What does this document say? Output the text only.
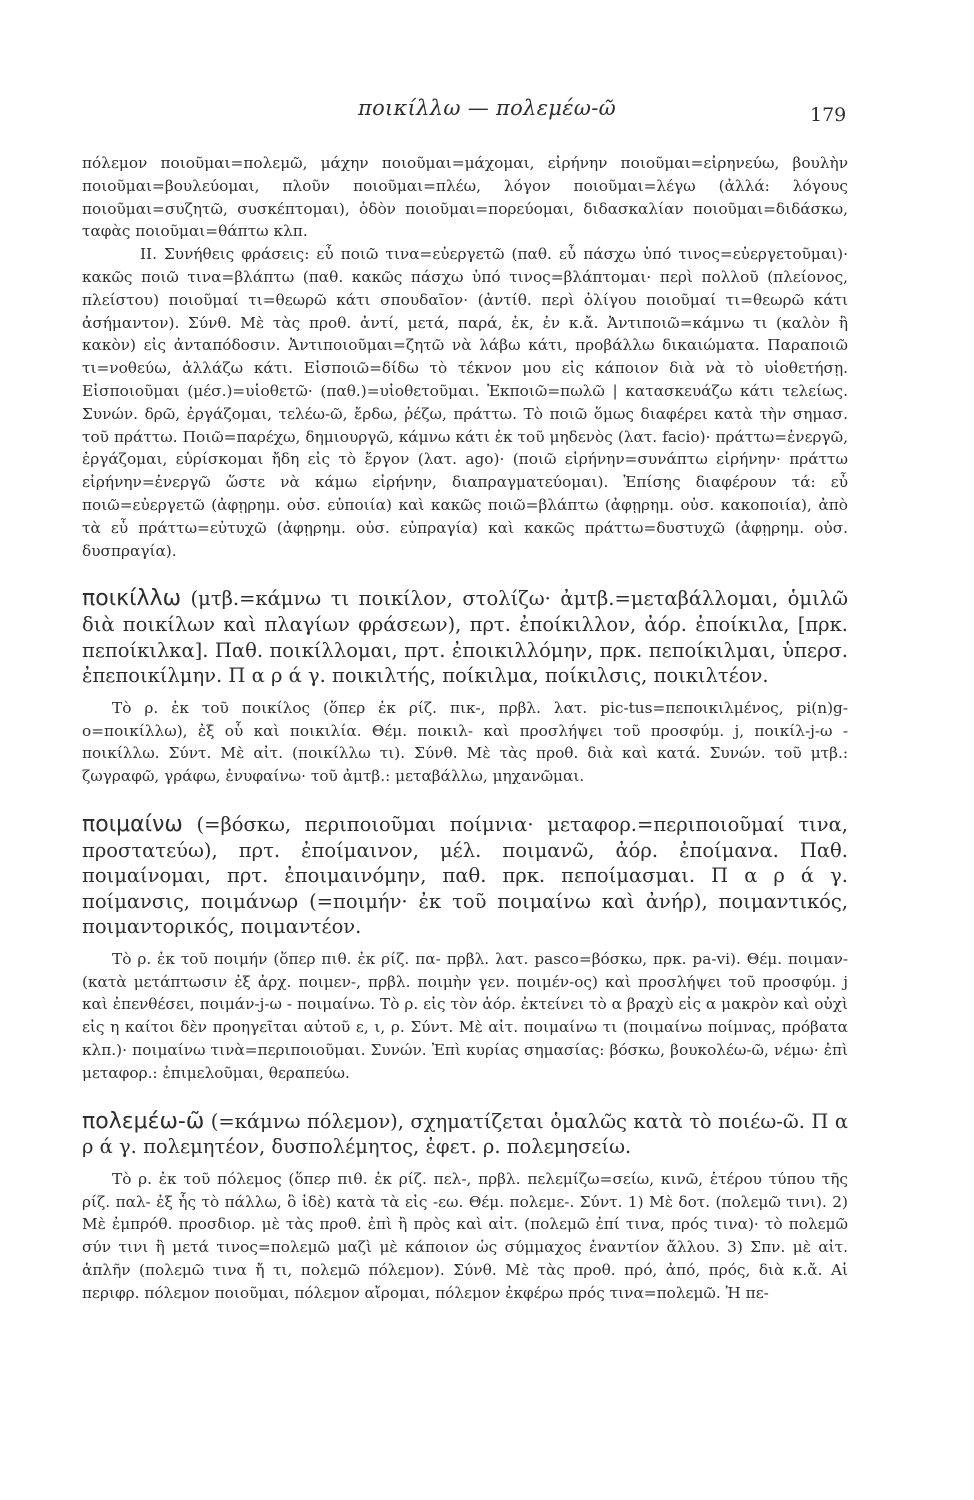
ποικίλλω — πολεμέω-ῶ	179

πόλεμον ποιοῦμαι=πολεμῶ, μάχην ποιοῦμαι=μάχομαι, εἰρήνην ποιοῦμαι=εἰρηνεύω, βουλὴν ποιοῦμαι=βουλεύομαι, πλοῦν ποιοῦμαι=πλέω, λόγον ποιοῦμαι=λέγω (ἀλλά: λόγους ποιοῦμαι=συζητῶ, συσκέπτομαι), ὁδὸν ποιοῦμαι=πορεύομαι, διδασκαλίαν ποιοῦμαι=διδάσκω, ταφὰς ποιοῦμαι=θάπτω κλπ.

II. Συνήθεις φράσεις: εὖ ποιῶ τινα=εὐεργετῶ (παθ. εὖ πάσχω ὑπό τινος=εὐεργετοῦμαι)· κακῶς ποιῶ τινα=βλάπτω (παθ. κακῶς πάσχω ὑπό τινος=βλάπτομαι· περὶ πολλοῦ (πλείονος, πλείστου) ποιοῦμαί τι=θεωρῶ κάτι σπουδαῖον· (ἀντίθ. περὶ ὀλίγου ποιοῦμαί τι=θεωρῶ κάτι ἀσήμαντον). Σύνθ. Μὲ τὰς προθ. ἀντί, μετά, παρά, ἐκ, ἐν κ.ἄ. Ἀντιποιῶ=κάμνω τι (καλὸν ἢ κακὸν) εἰς ἀνταπόδοσιν. Ἀντιποιοῦμαι=ζητῶ νὰ λάβω κάτι, προβάλλω δικαιώματα. Παραποιῶ τι=νοθεύω, ἀλλάζω κάτι. Εἰσποιῶ=δίδω τὸ τέκνον μου εἰς κάποιον διὰ νὰ τὸ υἱοθετήσῃ. Εἰσποιοῦμαι (μέσ.)=υἱοθετῶ· (παθ.)=υἱοθετοῦμαι. Ἐκποιῶ=πωλῶ | κατασκευάζω κάτι τελείως. Συνών. δρῶ, ἐργάζομαι, τελέω-ῶ, ἔρδω, ῥέζω, πράττω. Τὸ ποιῶ ὅμως διαφέρει κατὰ τὴν σημασ. τοῦ πράττω. Ποιῶ=παρέχω, δημιουργῶ, κάμνω κάτι ἐκ τοῦ μηδενὸς (λατ. facio)· πράττω=ἐνεργῶ, ἐργάζομαι, εὑρίσκομαι ἤδη εἰς τὸ ἔργον (λατ. ago)· (ποιῶ εἰρήνην=συνάπτω εἰρήνην· πράττω εἰρήνην=ἐνεργῶ ὥστε νὰ κάμω εἰρήνην, διαπραγματεύομαι). Ἐπίσης διαφέρουν τά: εὖ ποιῶ=εὐεργετῶ (ἀφῃρημ. οὐσ. εὐποιία) καὶ κακῶς ποιῶ=βλάπτω (ἀφῃρημ. οὐσ. κακοποιία), ἀπὸ τὰ εὖ πράττω=εὐτυχῶ (ἀφῃρημ. οὐσ. εὐπραγία) καὶ κακῶς πράττω=δυστυχῶ (ἀφῃρημ. οὐσ. δυσπραγία).

ποικίλλω (μτβ.=κάμνω τι ποικίλον, στολίζω· ἀμτβ.=μεταβάλλομαι, ὁμιλῶ διὰ ποικίλων καὶ πλαγίων φράσεων), πρτ. ἐποίκιλλον, ἀόρ. ἐποίκιλα, [πρκ. πεποίκιλκα]. Παθ. ποικίλλομαι, πρτ. ἐποικιλλόμην, πρκ. πεποίκιλμαι, ὑπερσ. ἐπεποικίλμην. Π α ρ ά γ. ποικιλτής, ποίκιλμα, ποίκιλσις, ποικιλτέον.

Τὸ ρ. ἐκ τοῦ ποικίλος (ὅπερ ἐκ ρίζ. πικ-, πρβλ. λατ. pic-tus=πεποικιλμένος, pi(n)g-o=ποικίλλω), ἐξ οὗ καὶ ποικιλία. Θέμ. ποικιλ- καὶ προσλήψει τοῦ προσφύμ. j, ποικίλ-j-ω - ποικίλλω. Σύντ. Μὲ αἰτ. (ποικίλλω τι). Σύνθ. Μὲ τὰς προθ. διὰ καὶ κατά. Συνών. τοῦ μτβ.: ζωγραφῶ, γράφω, ἐνυφαίνω· τοῦ ἀμτβ.: μεταβάλλω, μηχανῶμαι.

ποιμαίνω (=βόσκω, περιποιοῦμαι ποίμνια· μεταφορ.=περιποιοῦμαί τινα, προστατεύω), πρτ. ἐποίμαινον, μέλ. ποιμανῶ, ἀόρ. ἐποίμανα. Παθ. ποιμαίνομαι, πρτ. ἐποιμαινόμην, παθ. πρκ. πεποίμασμαι. Π α ρ ά γ. ποίμανσις, ποιμάνωρ (=ποιμήν· ἐκ τοῦ ποιμαίνω καὶ ἀνήρ), ποιμαντικός, ποιμαντορικός, ποιμαντέον.

Τὸ ρ. ἐκ τοῦ ποιμήν (ὅπερ πιθ. ἐκ ρίζ. πα- πρβλ. λατ. pasco=βόσκω, πρκ. pa-vi). Θέμ. ποιμαν- (κατὰ μετάπτωσιν ἐξ ἀρχ. ποιμεν-, πρβλ. ποιμὴν γεν. ποιμέν-ος) καὶ προσλήψει τοῦ προσφύμ. j καὶ ἐπενθέσει, ποιμάν-j-ω - ποιμαίνω. Τὸ ρ. εἰς τὸν ἀόρ. ἐκτείνει τὸ α βραχὺ εἰς α μακρὸν καὶ οὐχὶ εἰς η καίτοι δὲν προηγεῖται αὐτοῦ ε, ι, ρ. Σύντ. Μὲ αἰτ. ποιμαίνω τι (ποιμαίνω ποίμνας, πρόβατα κλπ.)· ποιμαίνω τινὰ=περιποιοῦμαι. Συνών. Ἐπὶ κυρίας σημασίας: βόσκω, βουκολέω-ῶ, νέμω· ἐπὶ μεταφορ.: ἐπιμελοῦμαι, θεραπεύω.

πολεμέω-ῶ (=κάμνω πόλεμον), σχηματίζεται ὁμαλῶς κατὰ τὸ ποιέω-ῶ. Π α ρ ά γ. πολεμητέον, δυσπολέμητος, ἐφετ. ρ. πολεμησείω.

Τὸ ρ. ἐκ τοῦ πόλεμος (ὅπερ πιθ. ἐκ ρίζ. πελ-, πρβλ. πελεμίζω=σείω, κινῶ, ἑτέρου τύπου τῆς ρίζ. παλ- ἐξ ἧς τὸ πάλλω, ὃ ἰδὲ) κατὰ τὰ εἰς -εω. Θέμ. πολεμε-. Σύντ. 1) Μὲ δοτ. (πολεμῶ τινι). 2) Μὲ ἐμπρόθ. προσδιορ. μὲ τὰς προθ. ἐπὶ ἢ πρὸς καὶ αἰτ. (πολεμῶ ἐπί τινα, πρός τινα)· τὸ πολεμῶ σύν τινι ἢ μετά τινος=πολεμῶ μαζὶ μὲ κάποιον ὡς σύμμαχος ἐναντίον ἄλλου. 3) Σπν. μὲ αἰτ. ἁπλῆν (πολεμῶ τινα ἤ τι, πολεμῶ πόλεμον). Σύνθ. Μὲ τὰς προθ. πρό, ἀπό, πρός, διὰ κ.ἄ. Αἱ περιφρ. πόλεμον ποιοῦμαι, πόλεμον αἴρομαι, πόλεμον ἐκφέρω πρός τινα=πολεμῶ. Ἡ πε-
